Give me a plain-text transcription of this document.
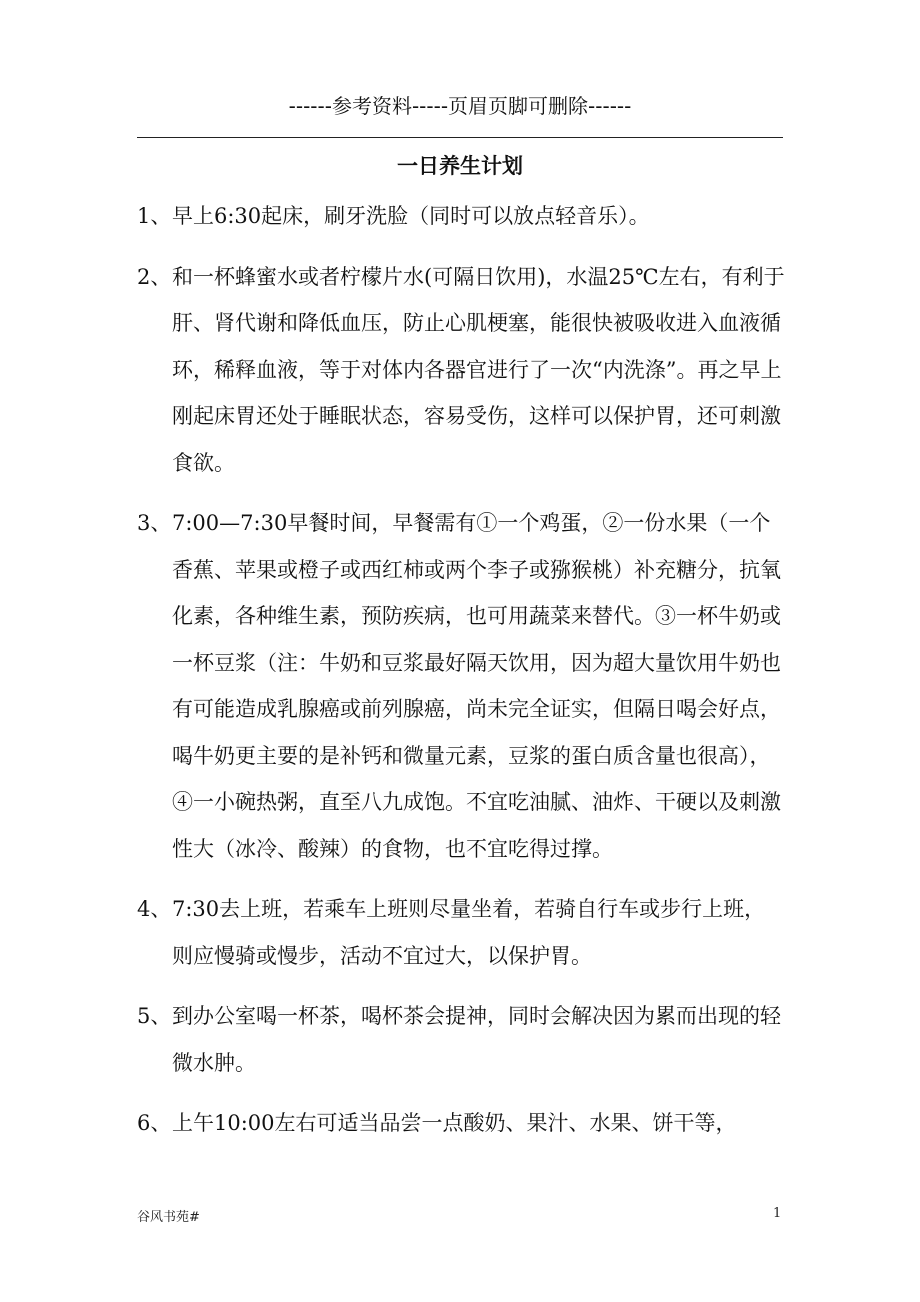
------参考资料-----页眉页脚可删除------
一日养生计划
1、 早上6:30起床，刷牙洗脸（同时可以放点轻音乐）。
2、 和一杯蜂蜜水或者柠檬片水(可隔日饮用)，水温25℃左右，有利于肝、肾代谢和降低血压，防止心肌梗塞，能很快被吸收进入血液循环，稀释血液，等于对体内各器官进行了一次“内洗涤”。再之早上刚起床胃还处于睡眠状态，容易受伤，这样可以保护胃，还可刺激食欲。
3、 7:00—7:30早餐时间，早餐需有①一个鸡蛋，②一份水果（一个香蕉、苹果或橙子或西红柿或两个李子或猕猴桃）补充糖分，抗氧化素，各种维生素，预防疾病，也可用蔬菜来替代。③一杯牛奶或一杯豆浆（注：牛奶和豆浆最好隔天饮用，因为超大量饮用牛奶也有可能造成乳腺癌或前列腺癌，尚未完全证实，但隔日喝会好点，喝牛奶更主要的是补钙和微量元素，豆浆的蛋白质含量也很高），④一小碗热粥，直至八九成饱。不宜吃油腻、油炸、干硬以及刺激性大（冰冷、酸辣）的食物，也不宜吃得过撑。
4、 7:30去上班，若乘车上班则尽量坐着，若骑自行车或步行上班，则应慢骑或慢步，活动不宜过大，以保护胃。
5、 到办公室喝一杯茶，喝杯茶会提神，同时会解决因为累而出现的轻微水肿。
6、 上午10:00左右可适当品尝一点酸奶、果汁、水果、饼干等，
谷风书苑#	1
